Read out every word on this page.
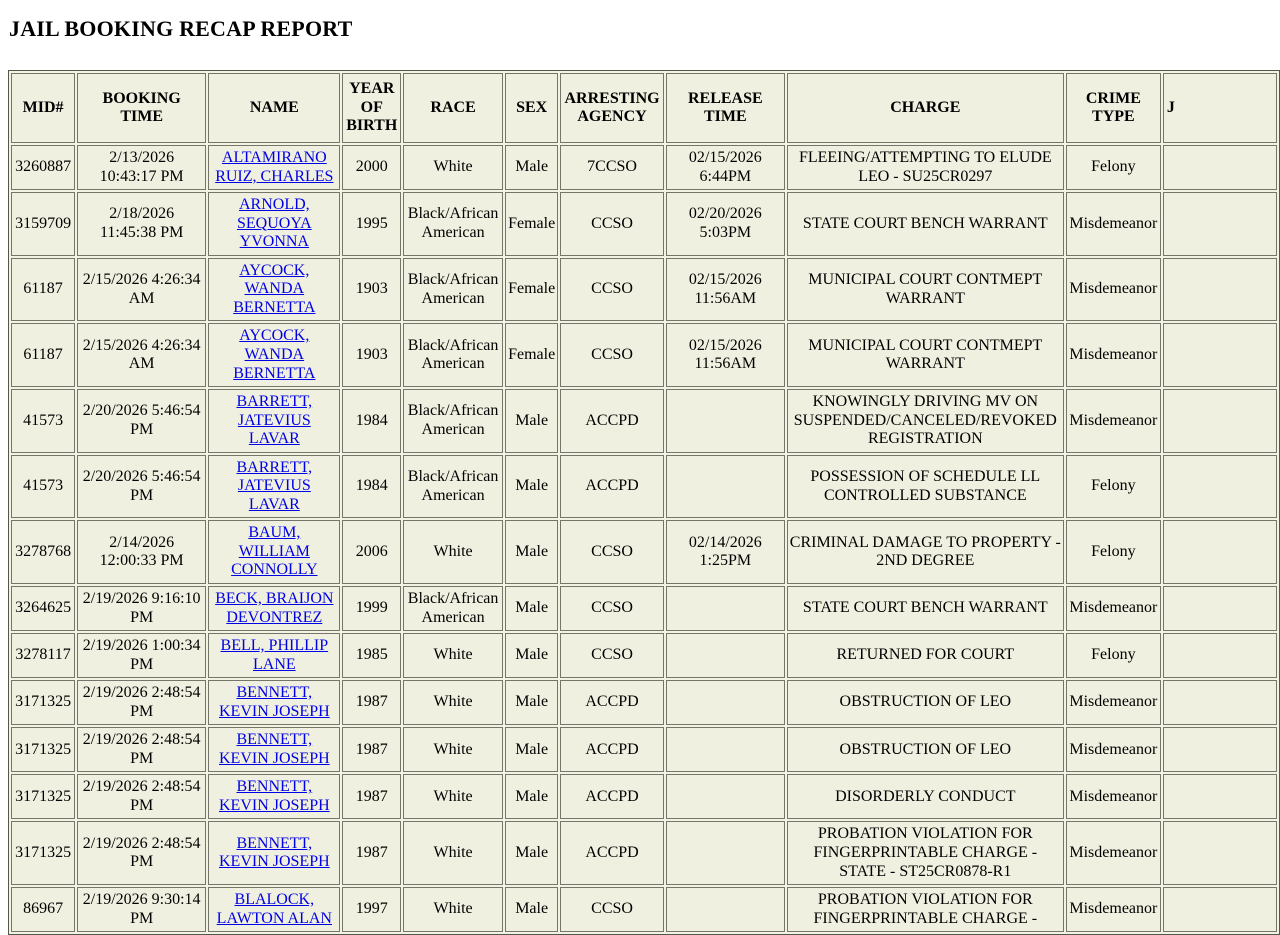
JAIL BOOKING RECAP REPORT
MID#	BOOKING TIME	NAME	YEAR OF BIRTH	RACE	SEX	ARRESTING AGENCY	RELEASE TIME	CHARGE	CRIME TYPE	J
3260887	2/13/2026 10:43:17 PM	ALTAMIRANO RUIZ, CHARLES	2000	White	Male	7CCSO	02/15/2026 6:44PM	FLEEING/ATTEMPTING TO ELUDE LEO - SU25CR0297	Felony	
3159709	2/18/2026 11:45:38 PM	ARNOLD, SEQUOYA YVONNA	1995	Black/African American	Female	CCSO	02/20/2026 5:03PM	STATE COURT BENCH WARRANT	Misdemeanor	
61187	2/15/2026 4:26:34 AM	AYCOCK, WANDA BERNETTA	1903	Black/African American	Female	CCSO	02/15/2026 11:56AM	MUNICIPAL COURT CONTMEPT WARRANT	Misdemeanor	
61187	2/15/2026 4:26:34 AM	AYCOCK, WANDA BERNETTA	1903	Black/African American	Female	CCSO	02/15/2026 11:56AM	MUNICIPAL COURT CONTMEPT WARRANT	Misdemeanor	
41573	2/20/2026 5:46:54 PM	BARRETT, JATEVIUS LAVAR	1984	Black/African American	Male	ACCPD		KNOWINGLY DRIVING MV ON SUSPENDED/CANCELED/REVOKED REGISTRATION	Misdemeanor	
41573	2/20/2026 5:46:54 PM	BARRETT, JATEVIUS LAVAR	1984	Black/African American	Male	ACCPD		POSSESSION OF SCHEDULE LL CONTROLLED SUBSTANCE	Felony	
3278768	2/14/2026 12:00:33 PM	BAUM, WILLIAM CONNOLLY	2006	White	Male	CCSO	02/14/2026 1:25PM	CRIMINAL DAMAGE TO PROPERTY - 2ND DEGREE	Felony	
3264625	2/19/2026 9:16:10 PM	BECK, BRAIJON DEVONTREZ	1999	Black/African American	Male	CCSO		STATE COURT BENCH WARRANT	Misdemeanor	
3278117	2/19/2026 1:00:34 PM	BELL, PHILLIP LANE	1985	White	Male	CCSO		RETURNED FOR COURT	Felony	
3171325	2/19/2026 2:48:54 PM	BENNETT, KEVIN JOSEPH	1987	White	Male	ACCPD		OBSTRUCTION OF LEO	Misdemeanor	
3171325	2/19/2026 2:48:54 PM	BENNETT, KEVIN JOSEPH	1987	White	Male	ACCPD		OBSTRUCTION OF LEO	Misdemeanor	
3171325	2/19/2026 2:48:54 PM	BENNETT, KEVIN JOSEPH	1987	White	Male	ACCPD		DISORDERLY CONDUCT	Misdemeanor	
3171325	2/19/2026 2:48:54 PM	BENNETT, KEVIN JOSEPH	1987	White	Male	ACCPD		PROBATION VIOLATION FOR FINGERPRINTABLE CHARGE - STATE - ST25CR0878-R1	Misdemeanor	
86967	2/19/2026 9:30:14 PM	BLALOCK, LAWTON ALAN	1997	White	Male	CCSO		PROBATION VIOLATION FOR FINGERPRINTABLE CHARGE -	Misdemeanor	
